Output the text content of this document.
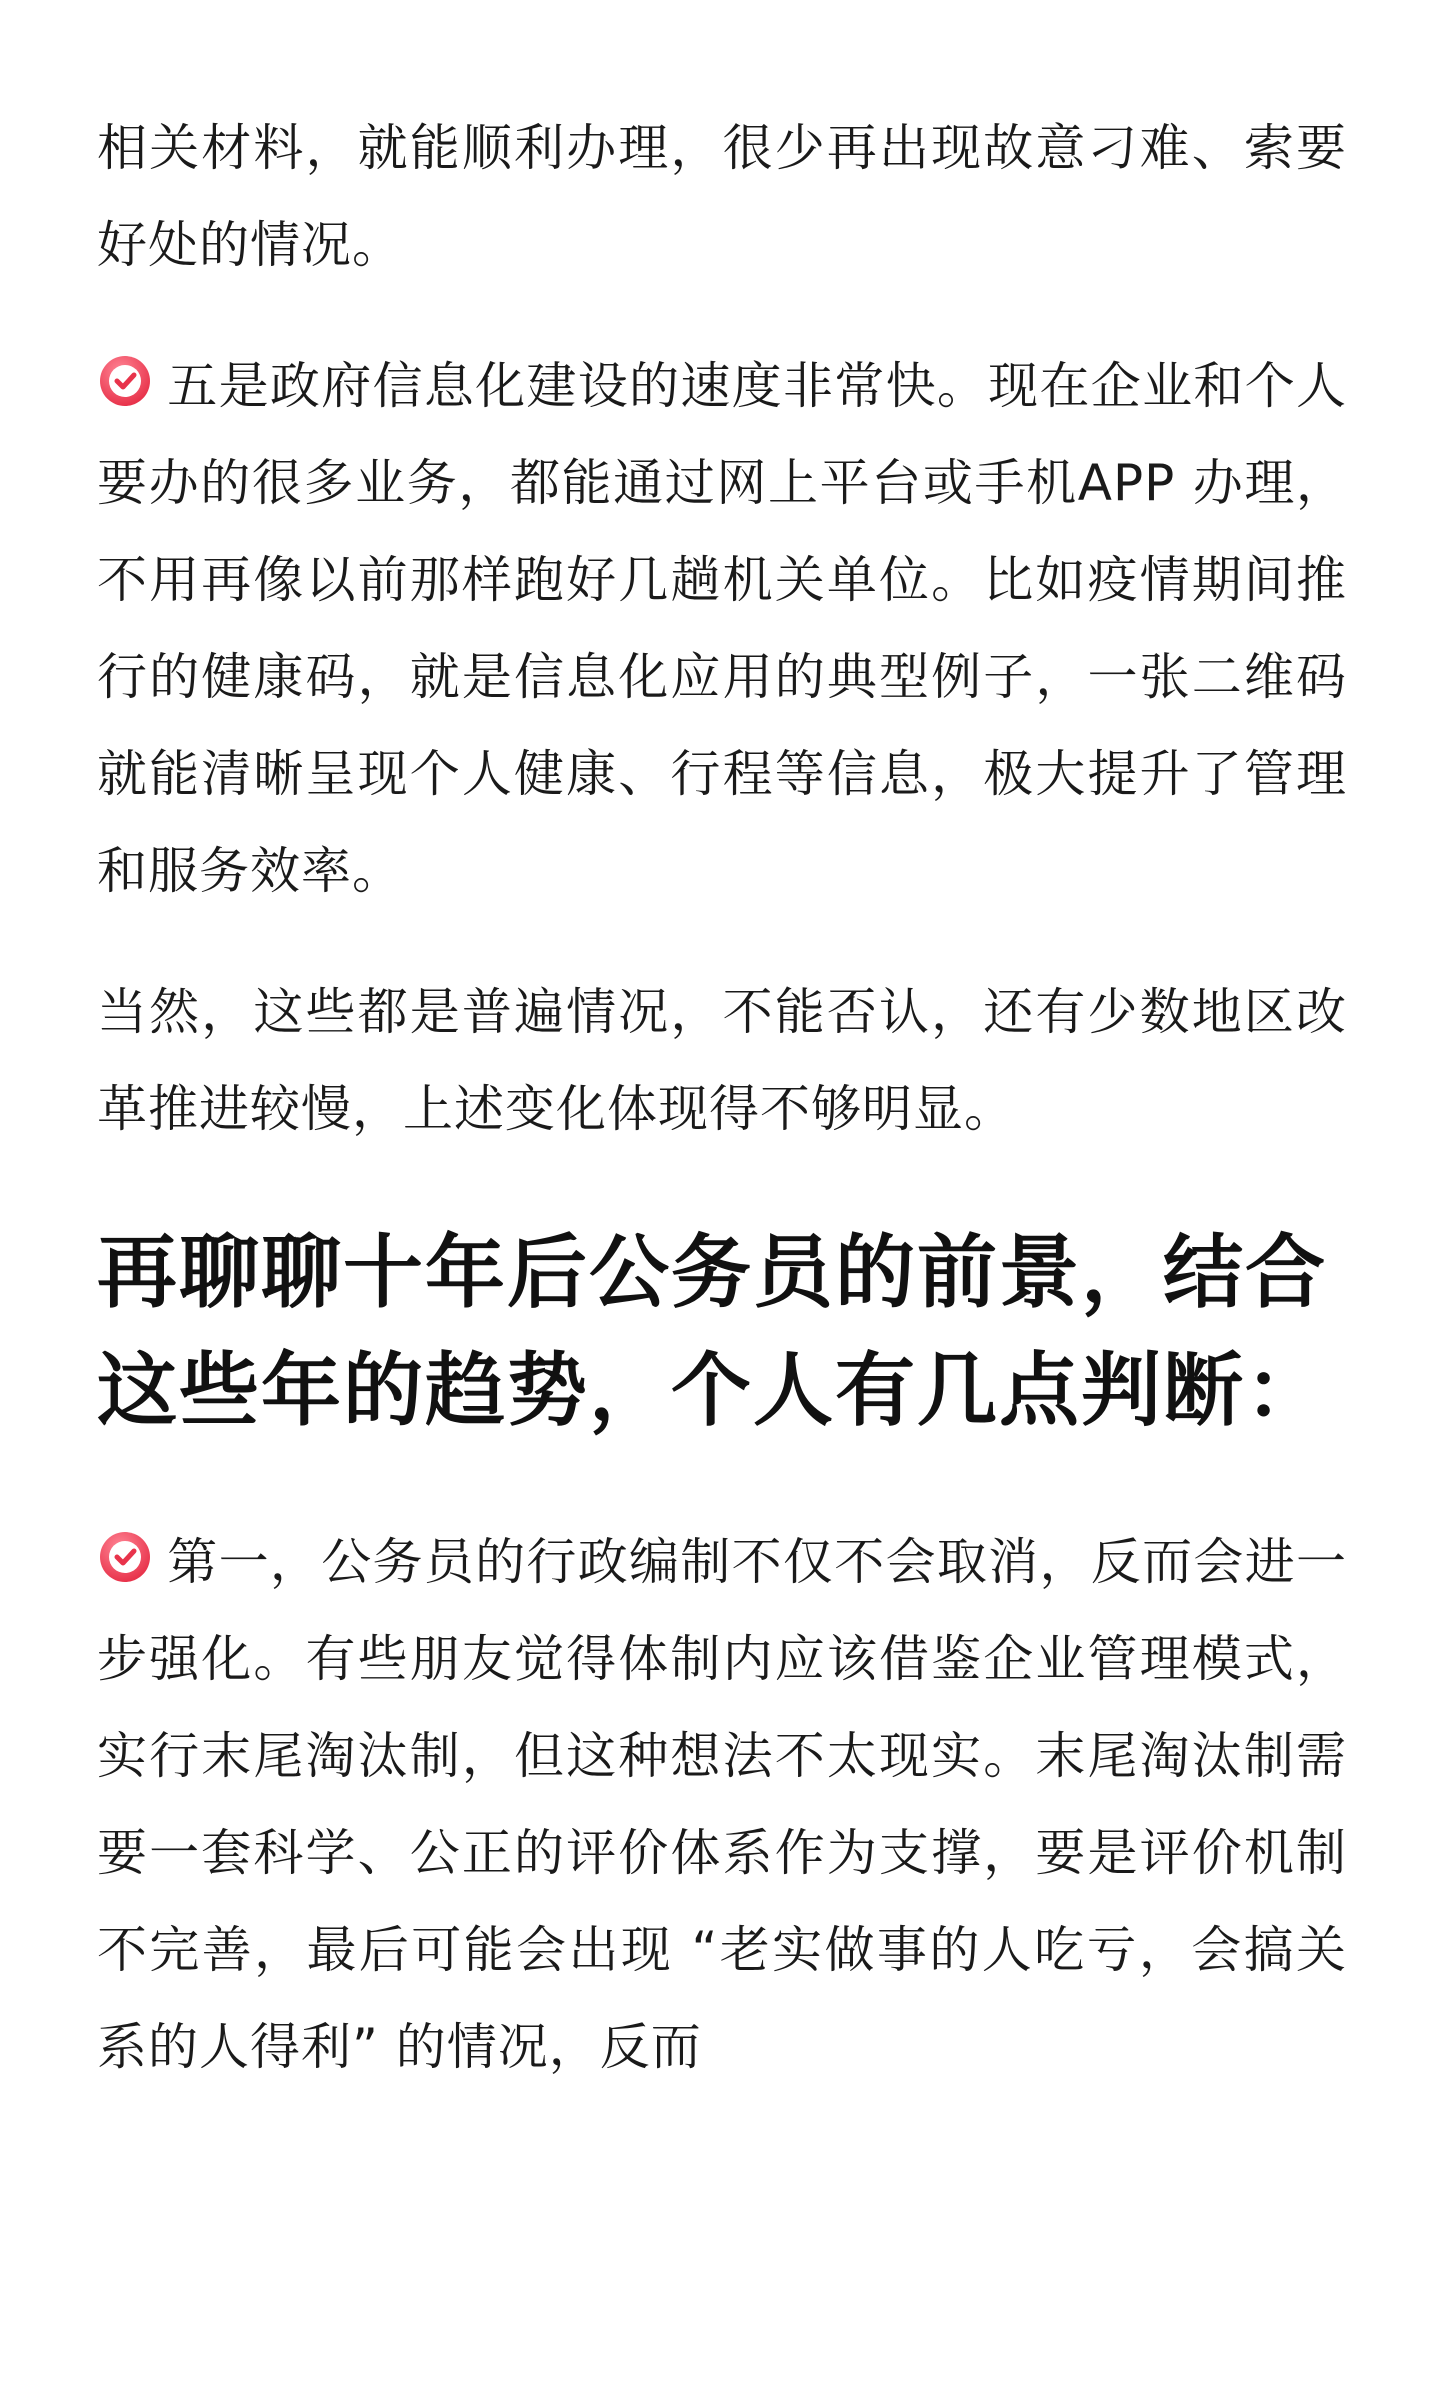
相关材料，就能顺利办理，很少再出现故意刁难、索要好处的情况。

五是政府信息化建设的速度非常快。现在企业和个人要办的很多业务，都能通过网上平台或手机APP 办理，不用再像以前那样跑好几趟机关单位。比如疫情期间推行的健康码，就是信息化应用的典型例子，一张二维码就能清晰呈现个人健康、行程等信息，极大提升了管理和服务效率。

当然，这些都是普遍情况，不能否认，还有少数地区改革推进较慢，上述变化体现得不够明显。

再聊聊十年后公务员的前景，结合这些年的趋势，个人有几点判断：

第一，公务员的行政编制不仅不会取消，反而会进一步强化。有些朋友觉得体制内应该借鉴企业管理模式，实行末尾淘汰制，但这种想法不太现实。末尾淘汰制需要一套科学、公正的评价体系作为支撑，要是评价机制不完善，最后可能会出现 “老实做事的人吃亏，会搞关系的人得利” 的情况，反而
